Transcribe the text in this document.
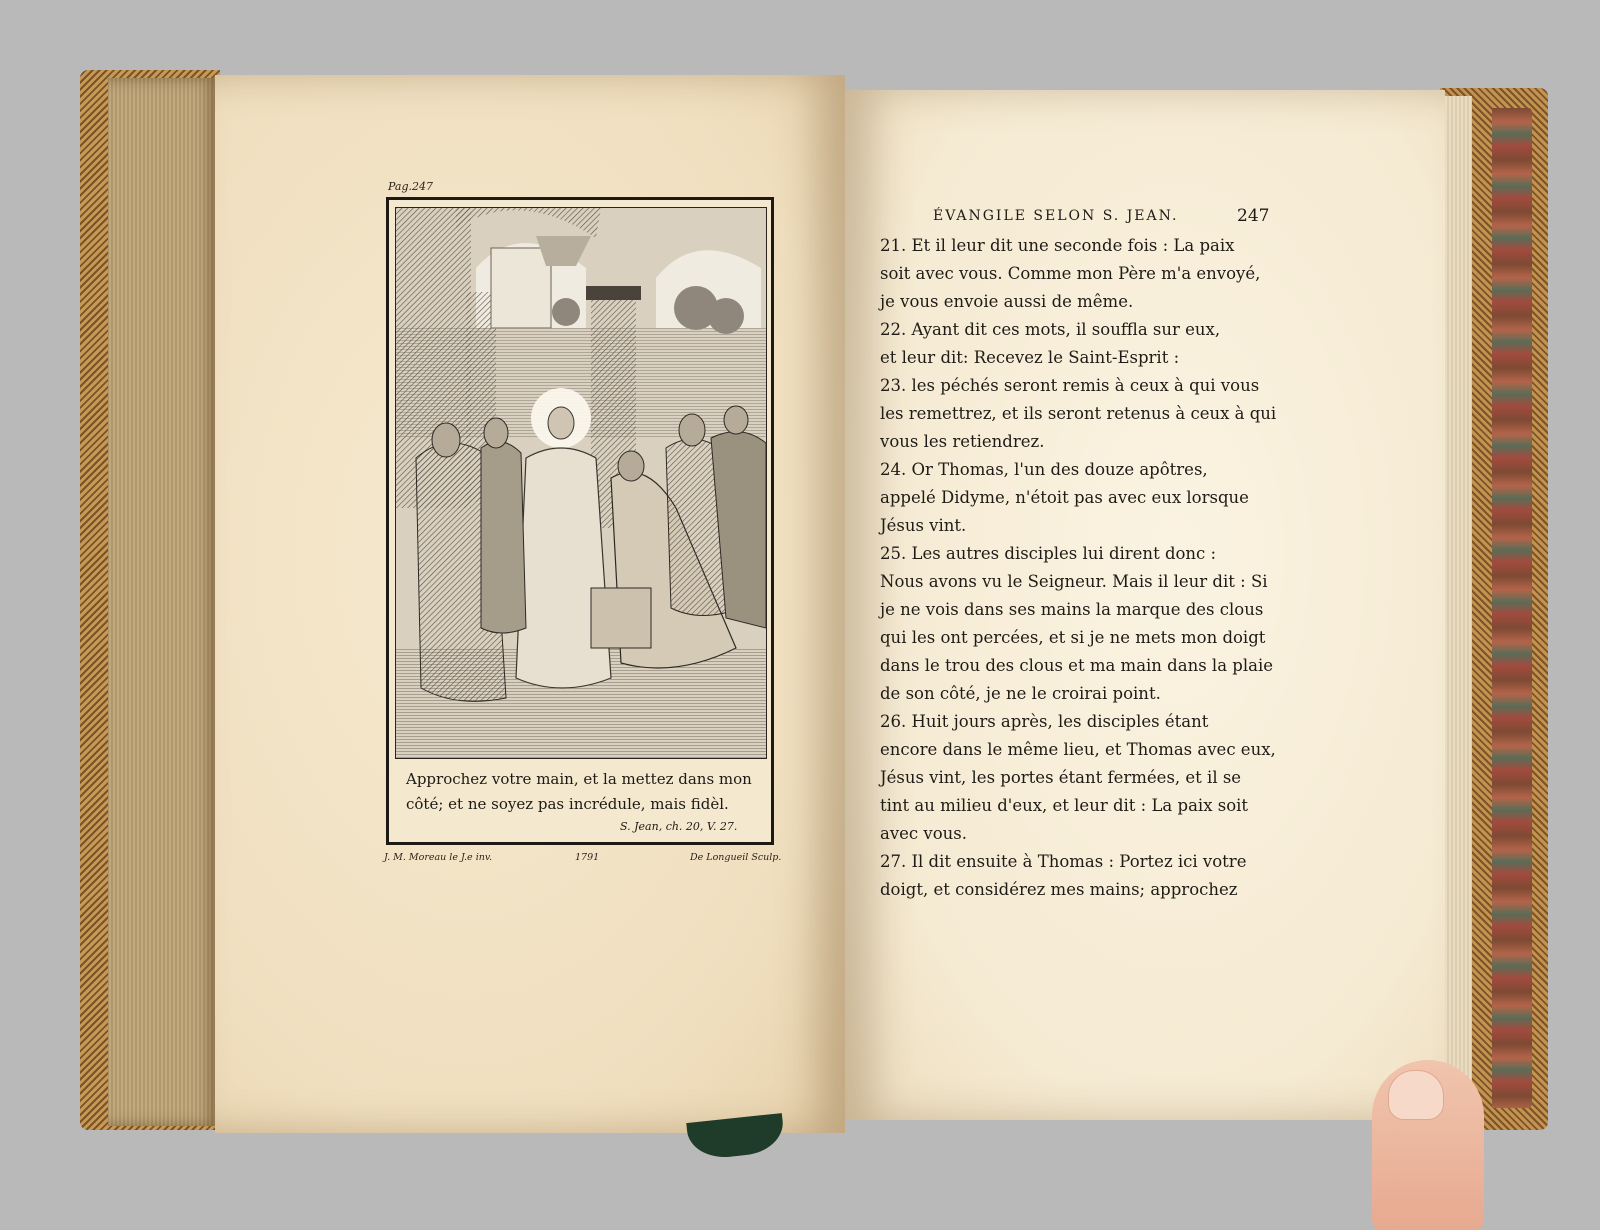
Pag.247
Approchez votre main, et la mettez dans mon
côté; et ne soyez pas incrédule, mais fidèl.
S. Jean, ch. 20, V. 27.
J. M. Moreau le J.e inv.	1791	De Longueil Sculp.
ÉVANGILE SELON S. JEAN.	247
21. Et il leur dit une seconde fois : La paix
soit avec vous. Comme mon Père m'a envoyé,
je vous envoie aussi de même.
22. Ayant dit ces mots, il souffla sur eux,
et leur dit: Recevez le Saint-Esprit :
23. les péchés seront remis à ceux à qui vous
les remettrez, et ils seront retenus à ceux à qui
vous les retiendrez.
24. Or Thomas, l'un des douze apôtres,
appelé Didyme, n'étoit pas avec eux lorsque
Jésus vint.
25. Les autres disciples lui dirent donc :
Nous avons vu le Seigneur. Mais il leur dit : Si
je ne vois dans ses mains la marque des clous
qui les ont percées, et si je ne mets mon doigt
dans le trou des clous et ma main dans la plaie
de son côté, je ne le croirai point.
26. Huit jours après, les disciples étant
encore dans le même lieu, et Thomas avec eux,
Jésus vint, les portes étant fermées, et il se
tint au milieu d'eux, et leur dit : La paix soit
avec vous.
27. Il dit ensuite à Thomas : Portez ici votre
doigt, et considérez mes mains; approchez
